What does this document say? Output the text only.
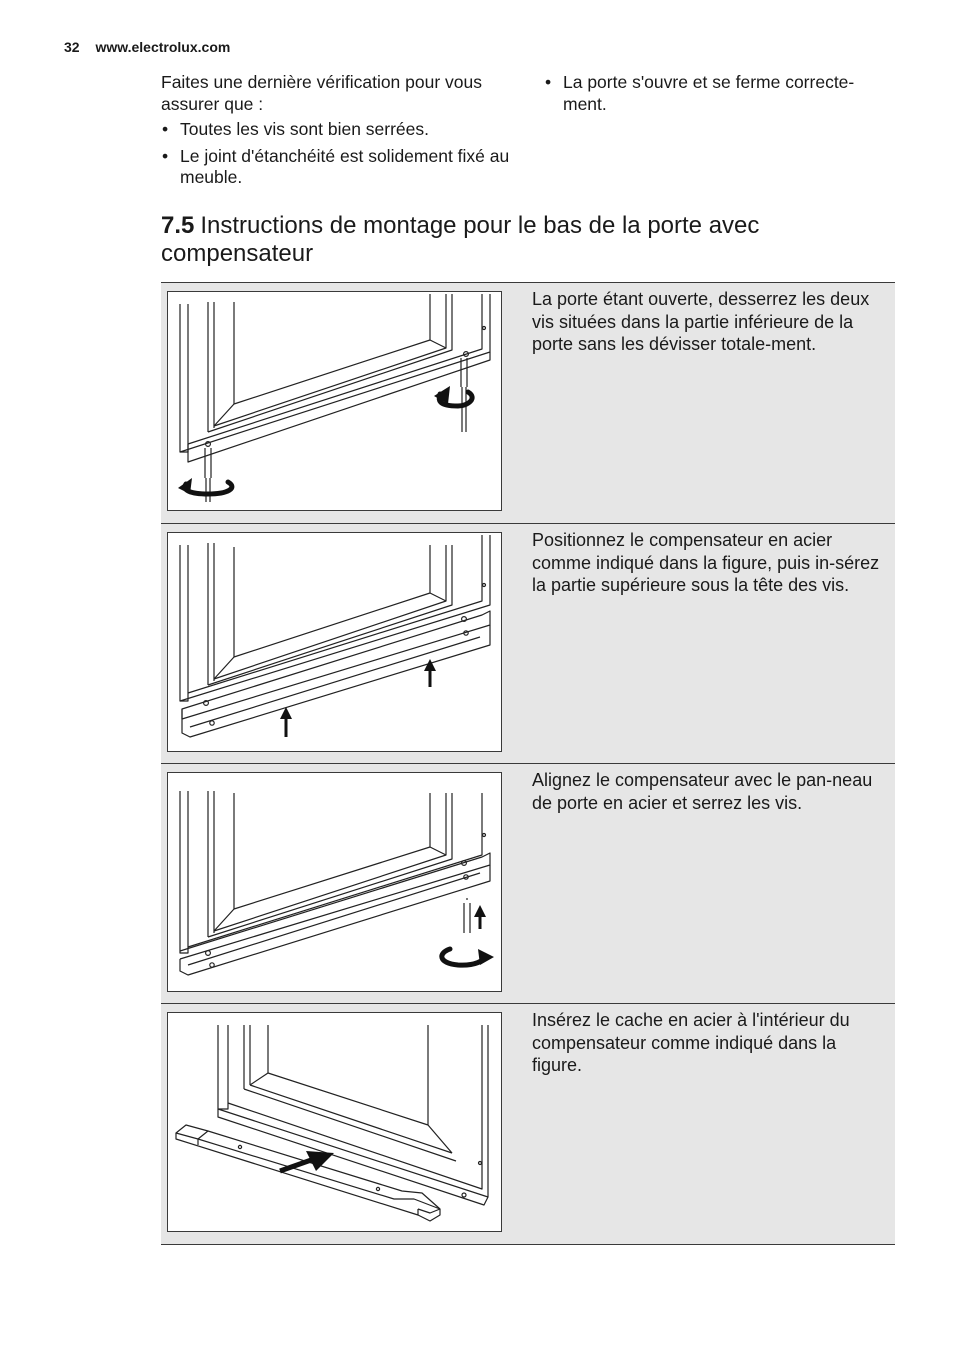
32 www.electrolux.com

Faites une dernière vérification pour vous assurer que :

• Toutes les vis sont bien serrées.
• Le joint d'étanchéité est solidement fixé au meuble.
• La porte s'ouvre et se ferme correcte-ment.
7.5 Instructions de montage pour le bas de la porte avec compensateur
La porte étant ouverte, desserrez les deux vis situées dans la partie inférieure de la porte sans les dévisser totale-ment.
Positionnez le compensateur en acier comme indiqué dans la figure, puis in-sérez la partie supérieure sous la tête des vis.
Alignez le compensateur avec le pan-neau de porte en acier et serrez les vis.
Insérez le cache en acier à l'intérieur du compensateur comme indiqué dans la figure.
